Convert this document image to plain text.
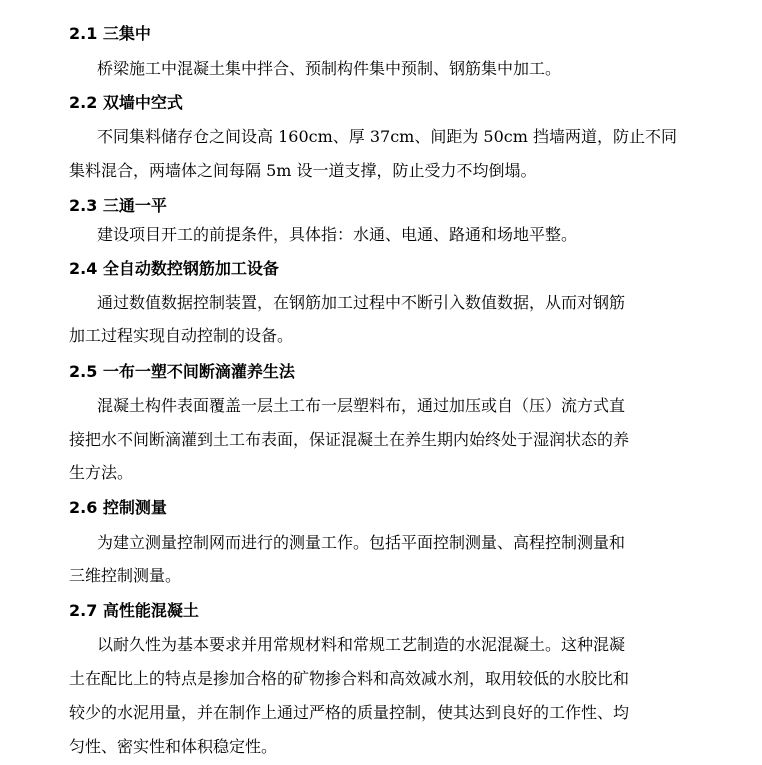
2.1 三集中
桥梁施工中混凝土集中拌合、预制构件集中预制、钢筋集中加工。
2.2 双墙中空式
不同集料储存仓之间设高 160cm、厚 37cm、间距为 50cm 挡墙两道，防止不同
集料混合，两墙体之间每隔 5m 设一道支撑，防止受力不均倒塌。
2.3 三通一平
建设项目开工的前提条件，具体指：水通、电通、路通和场地平整。
2.4 全自动数控钢筋加工设备
通过数值数据控制装置，在钢筋加工过程中不断引入数值数据，从而对钢筋
加工过程实现自动控制的设备。
2.5 一布一塑不间断滴灌养生法
混凝土构件表面覆盖一层土工布一层塑料布，通过加压或自（压）流方式直
接把水不间断滴灌到土工布表面，保证混凝土在养生期内始终处于湿润状态的养
生方法。
2.6 控制测量
为建立测量控制网而进行的测量工作。包括平面控制测量、高程控制测量和
三维控制测量。
2.7 高性能混凝土
以耐久性为基本要求并用常规材料和常规工艺制造的水泥混凝土。这种混凝
土在配比上的特点是掺加合格的矿物掺合料和高效减水剂，取用较低的水胶比和
较少的水泥用量，并在制作上通过严格的质量控制，使其达到良好的工作性、均
匀性、密实性和体积稳定性。
